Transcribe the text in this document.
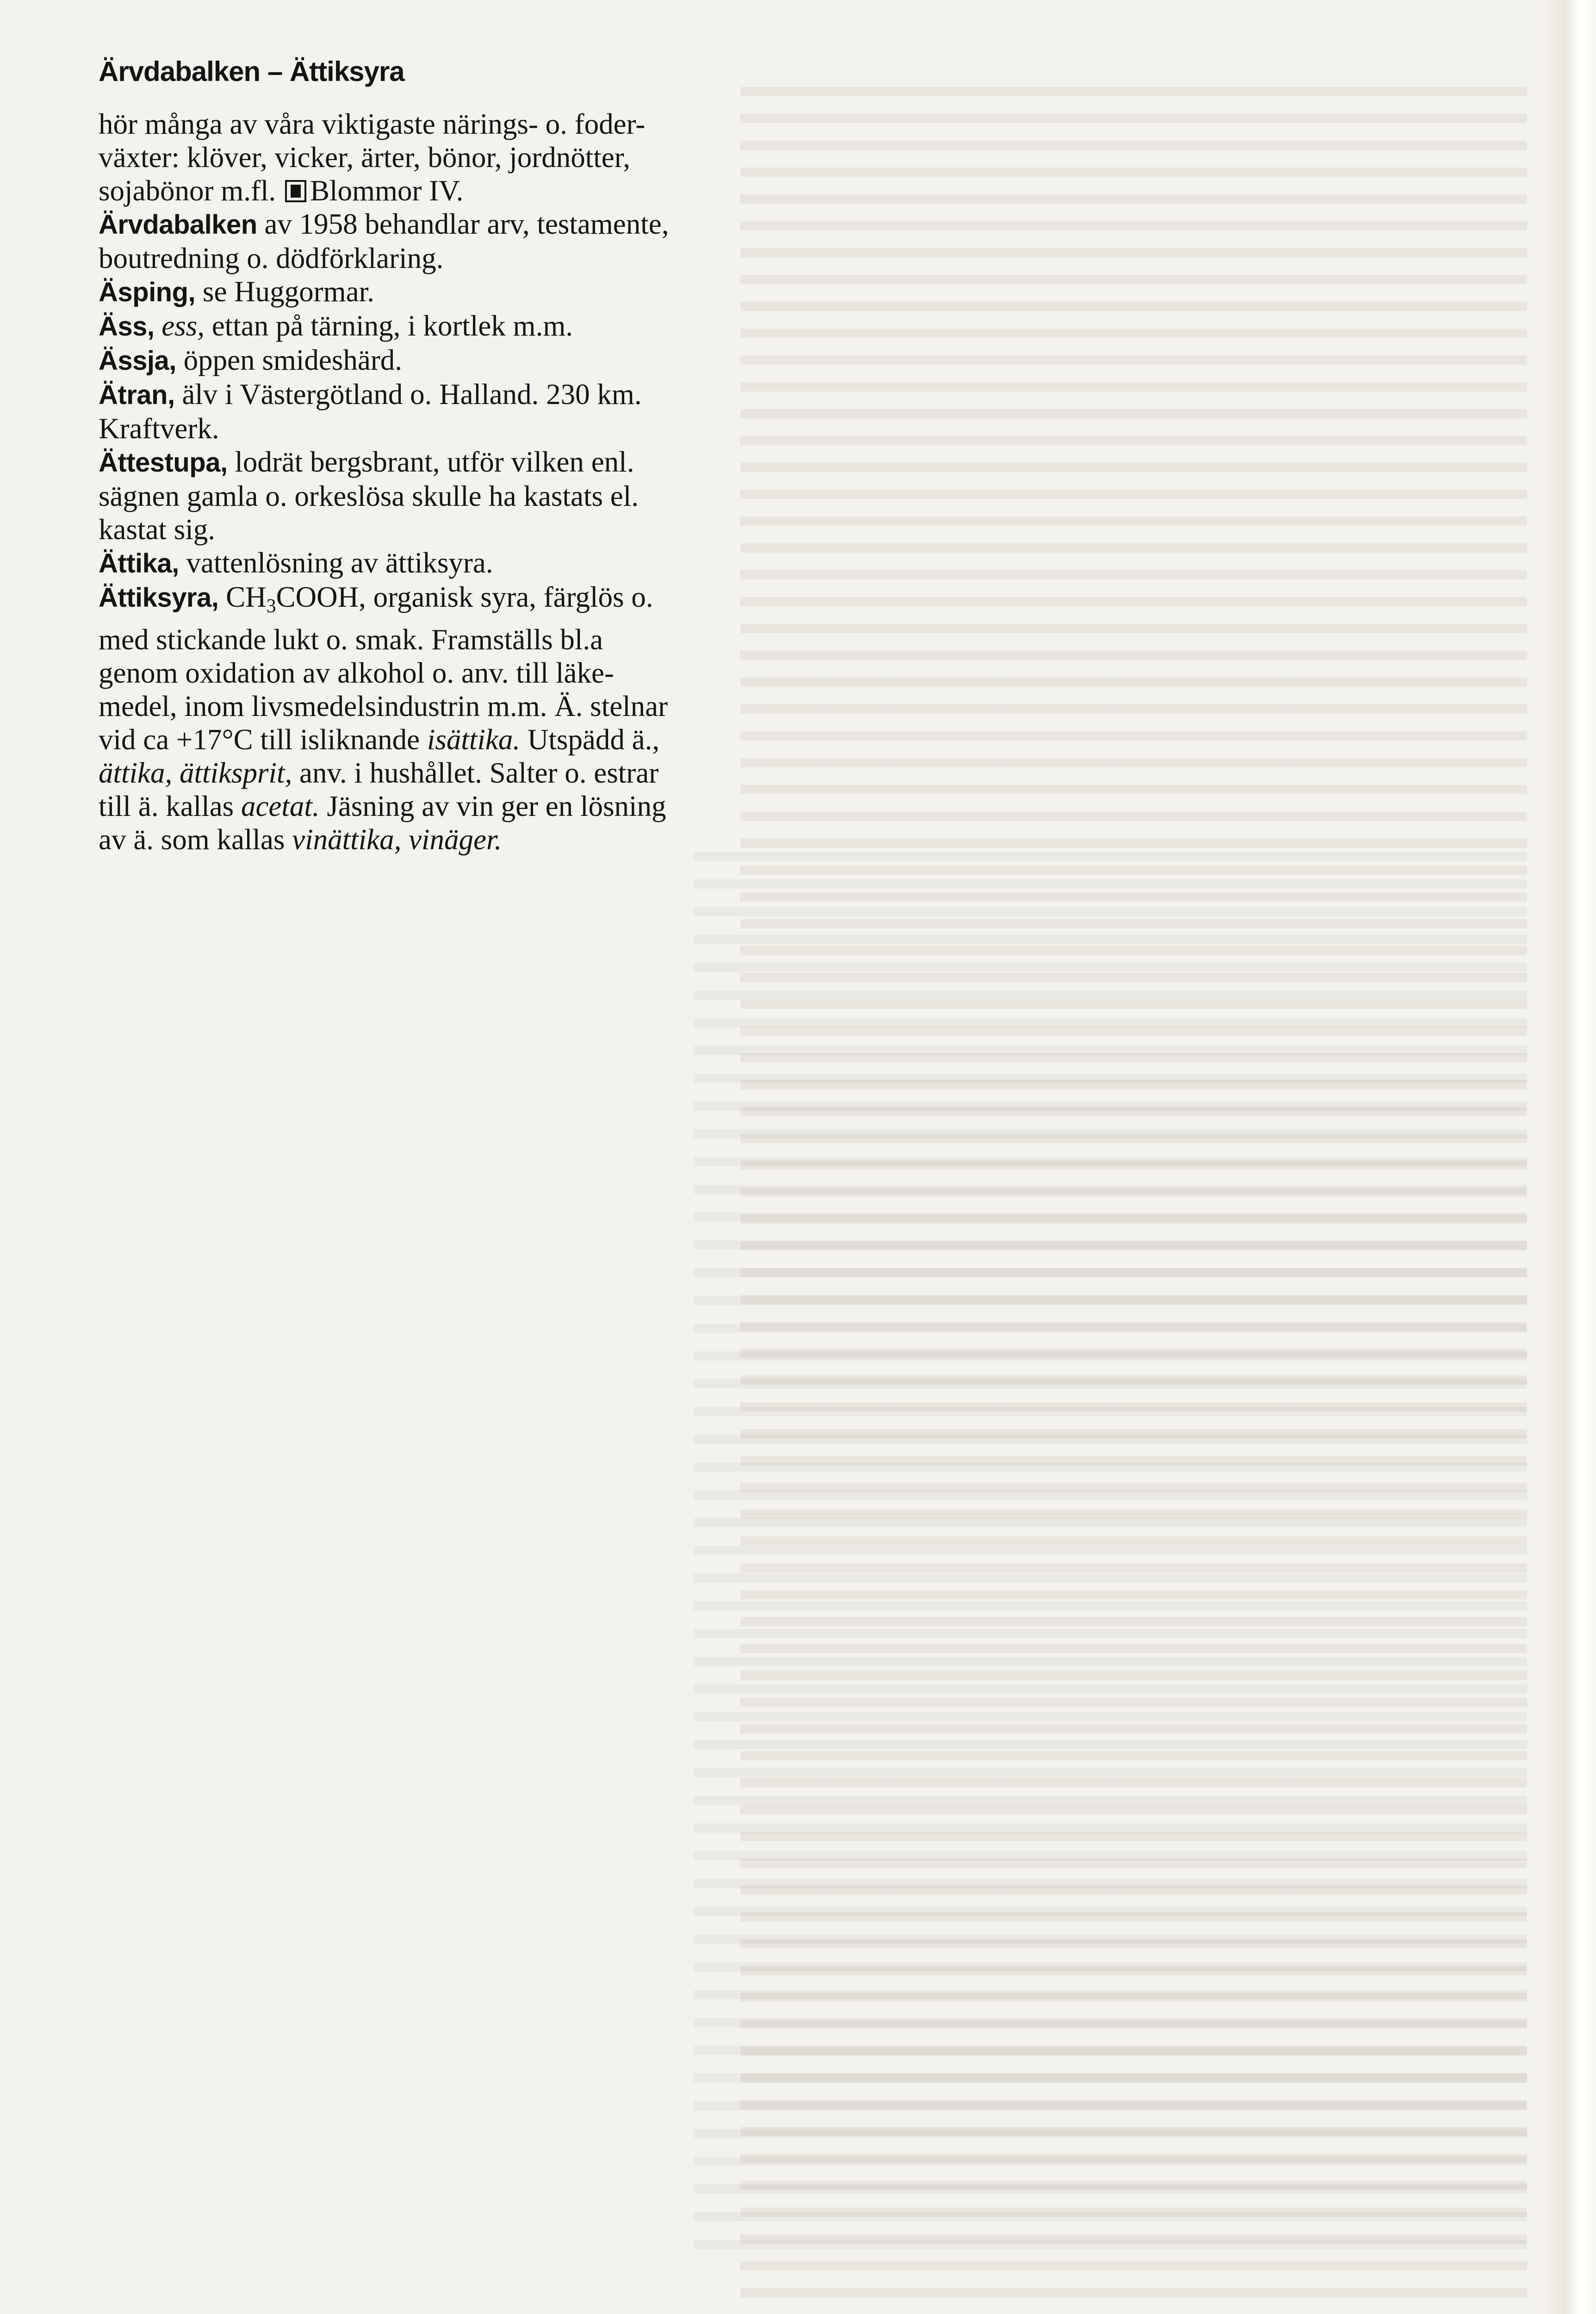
Ärvdabalken – Ättiksyra

hör många av våra viktigaste närings- o. foder-

växter: klöver, vicker, ärter, bönor, jordnötter,

sojabönor m.fl. Blommor IV.

Ärvdabalken av 1958 behandlar arv, testamente,

boutredning o. dödförklaring.

Äsping, se Huggormar.

Äss, ess, ettan på tärning, i kortlek m.m.

Ässja, öppen smideshärd.

Ätran, älv i Västergötland o. Halland. 230 km.

Kraftverk.

Ättestupa, lodrät bergsbrant, utför vilken enl.

sägnen gamla o. orkeslösa skulle ha kastats el.

kastat sig.

Ättika, vattenlösning av ättiksyra.

Ättiksyra, $CH_3COOH$, organisk syra, färglös o.

med stickande lukt o. smak. Framställs bl.a

genom oxidation av alkohol o. anv. till läke-

medel, inom livsmedelsindustrin m.m. Ä. stelnar

vid ca +17°C till isliknande isättika. Utspädd ä.,

ättika, ättiksprit, anv. i hushållet. Salter o. estrar

till ä. kallas acetat. Jäsning av vin ger en lösning

av ä. som kallas vinättika, vinäger.
